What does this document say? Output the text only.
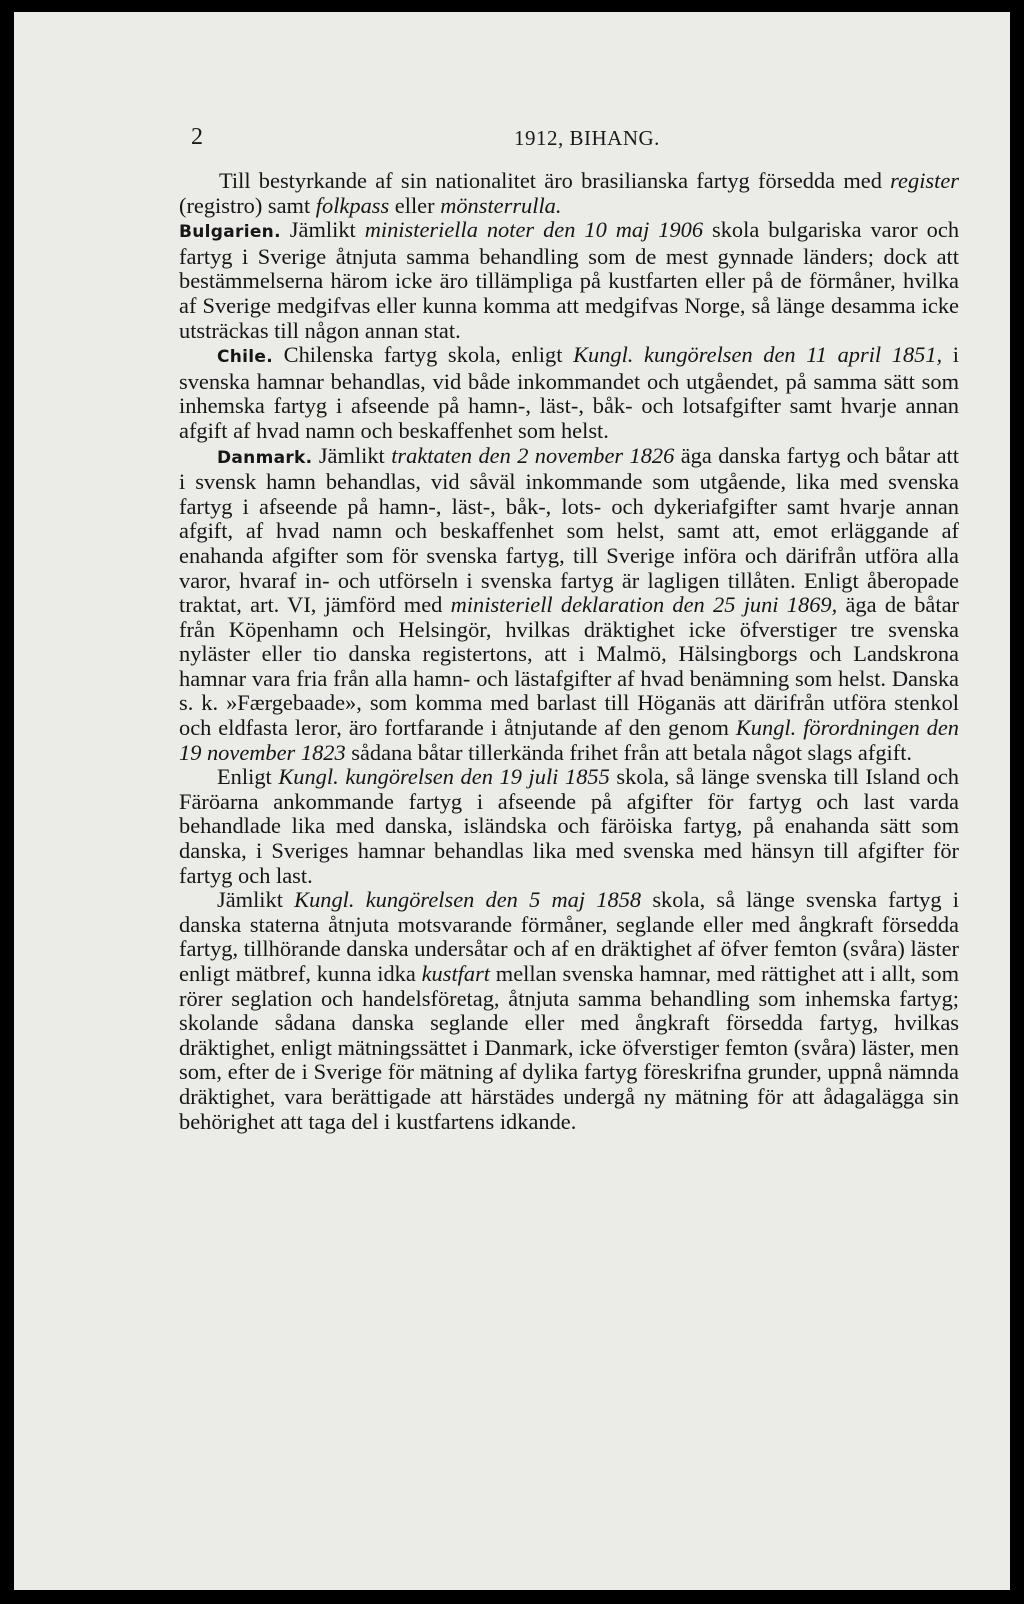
2	1912, BIHANG.

Till bestyrkande af sin nationalitet äro brasilianska fartyg försedda med register (registro) samt folkpass eller mönsterrulla.

Bulgarien. Jämlikt ministeriella noter den 10 maj 1906 skola bulgariska varor och fartyg i Sverige åtnjuta samma behandling som de mest gynnade länders; dock att bestämmelserna härom icke äro tillämpliga på kustfarten eller på de förmåner, hvilka af Sverige medgifvas eller kunna komma att medgifvas Norge, så länge desamma icke utsträckas till någon annan stat.

Chile. Chilenska fartyg skola, enligt Kungl. kungörelsen den 11 april 1851, i svenska hamnar behandlas, vid både inkommandet och utgåendet, på samma sätt som inhemska fartyg i afseende på hamn-, läst-, båk- och lotsafgifter samt hvarje annan afgift af hvad namn och beskaffenhet som helst.

Danmark. Jämlikt traktaten den 2 november 1826 äga danska fartyg och båtar att i svensk hamn behandlas, vid såväl inkommande som utgående, lika med svenska fartyg i afseende på hamn-, läst-, båk-, lots- och dykeriafgifter samt hvarje annan afgift, af hvad namn och beskaffenhet som helst, samt att, emot erläggande af enahanda afgifter som för svenska fartyg, till Sverige införa och därifrån utföra alla varor, hvaraf in- och utförseln i svenska fartyg är lagligen tillåten. Enligt åberopade traktat, art. VI, jämförd med ministeriell deklaration den 25 juni 1869, äga de båtar från Köpenhamn och Helsingör, hvilkas dräktighet icke öfverstiger tre svenska nyläster eller tio danska registertons, att i Malmö, Hälsingborgs och Landskrona hamnar vara fria från alla hamn- och lästafgifter af hvad benämning som helst. Danska s. k. »Færgebaade», som komma med barlast till Höganäs att därifrån utföra stenkol och eldfasta leror, äro fortfarande i åtnjutande af den genom Kungl. förordningen den 19 november 1823 sådana båtar tillerkända frihet från att betala något slags afgift.

Enligt Kungl. kungörelsen den 19 juli 1855 skola, så länge svenska till Island och Färöarna ankommande fartyg i afseende på afgifter för fartyg och last varda behandlade lika med danska, isländska och färöiska fartyg, på enahanda sätt som danska, i Sveriges hamnar behandlas lika med svenska med hänsyn till afgifter för fartyg och last.

Jämlikt Kungl. kungörelsen den 5 maj 1858 skola, så länge svenska fartyg i danska staterna åtnjuta motsvarande förmåner, seglande eller med ångkraft försedda fartyg, tillhörande danska undersåtar och af en dräktighet af öfver femton (svåra) läster enligt mätbref, kunna idka kustfart mellan svenska hamnar, med rättighet att i allt, som rörer seglation och handelsföretag, åtnjuta samma behandling som inhemska fartyg; skolande sådana danska seglande eller med ångkraft försedda fartyg, hvilkas dräktighet, enligt mätningssättet i Danmark, icke öfverstiger femton (svåra) läster, men som, efter de i Sverige för mätning af dylika fartyg föreskrifna grunder, uppnå nämnda dräktighet, vara berättigade att härstädes undergå ny mätning för att ådagalägga sin behörighet att taga del i kustfartens idkande.
